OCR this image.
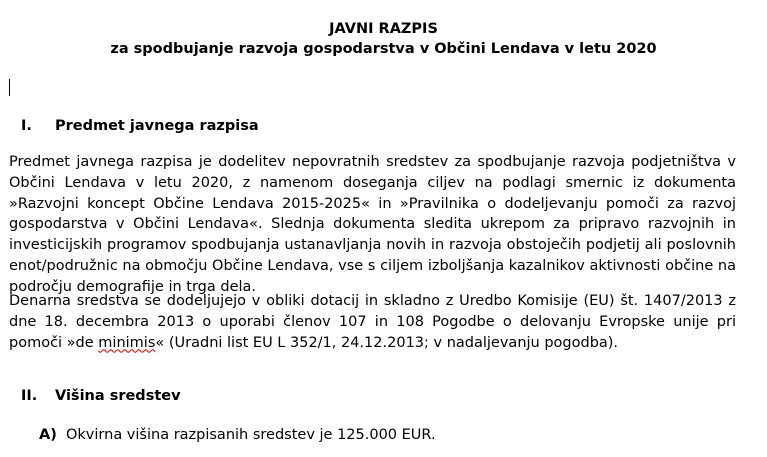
JAVNI RAZPIS
za spodbujanje razvoja gospodarstva v Občini Lendava v letu 2020
I. Predmet javnega razpisa
Predmet javnega razpisa je dodelitev nepovratnih sredstev za spodbujanje razvoja podjetništva v Občini Lendava v letu 2020, z namenom doseganja ciljev na podlagi smernic iz dokumenta »Razvojni koncept Občine Lendava 2015-2025« in »Pravilnika o dodeljevanju pomoči za razvoj gospodarstva v Občini Lendava«. Slednja dokumenta sledita ukrepom za pripravo razvojnih in investicijskih programov spodbujanja ustanavljanja novih in razvoja obstoječih podjetij ali poslovnih enot/podružnic na območju Občine Lendava, vse s ciljem izboljšanja kazalnikov aktivnosti občine na področju demografije in trga dela.
Denarna sredstva se dodeljujejo v obliki dotacij in skladno z Uredbo Komisije (EU) št. 1407/2013 z dne 18. decembra 2013 o uporabi členov 107 in 108 Pogodbe o delovanju Evropske unije pri pomoči »de minimis« (Uradni list EU L 352/1, 24.12.2013; v nadaljevanju pogodba).
II. Višina sredstev
A) Okvirna višina razpisanih sredstev je 125.000 EUR.
